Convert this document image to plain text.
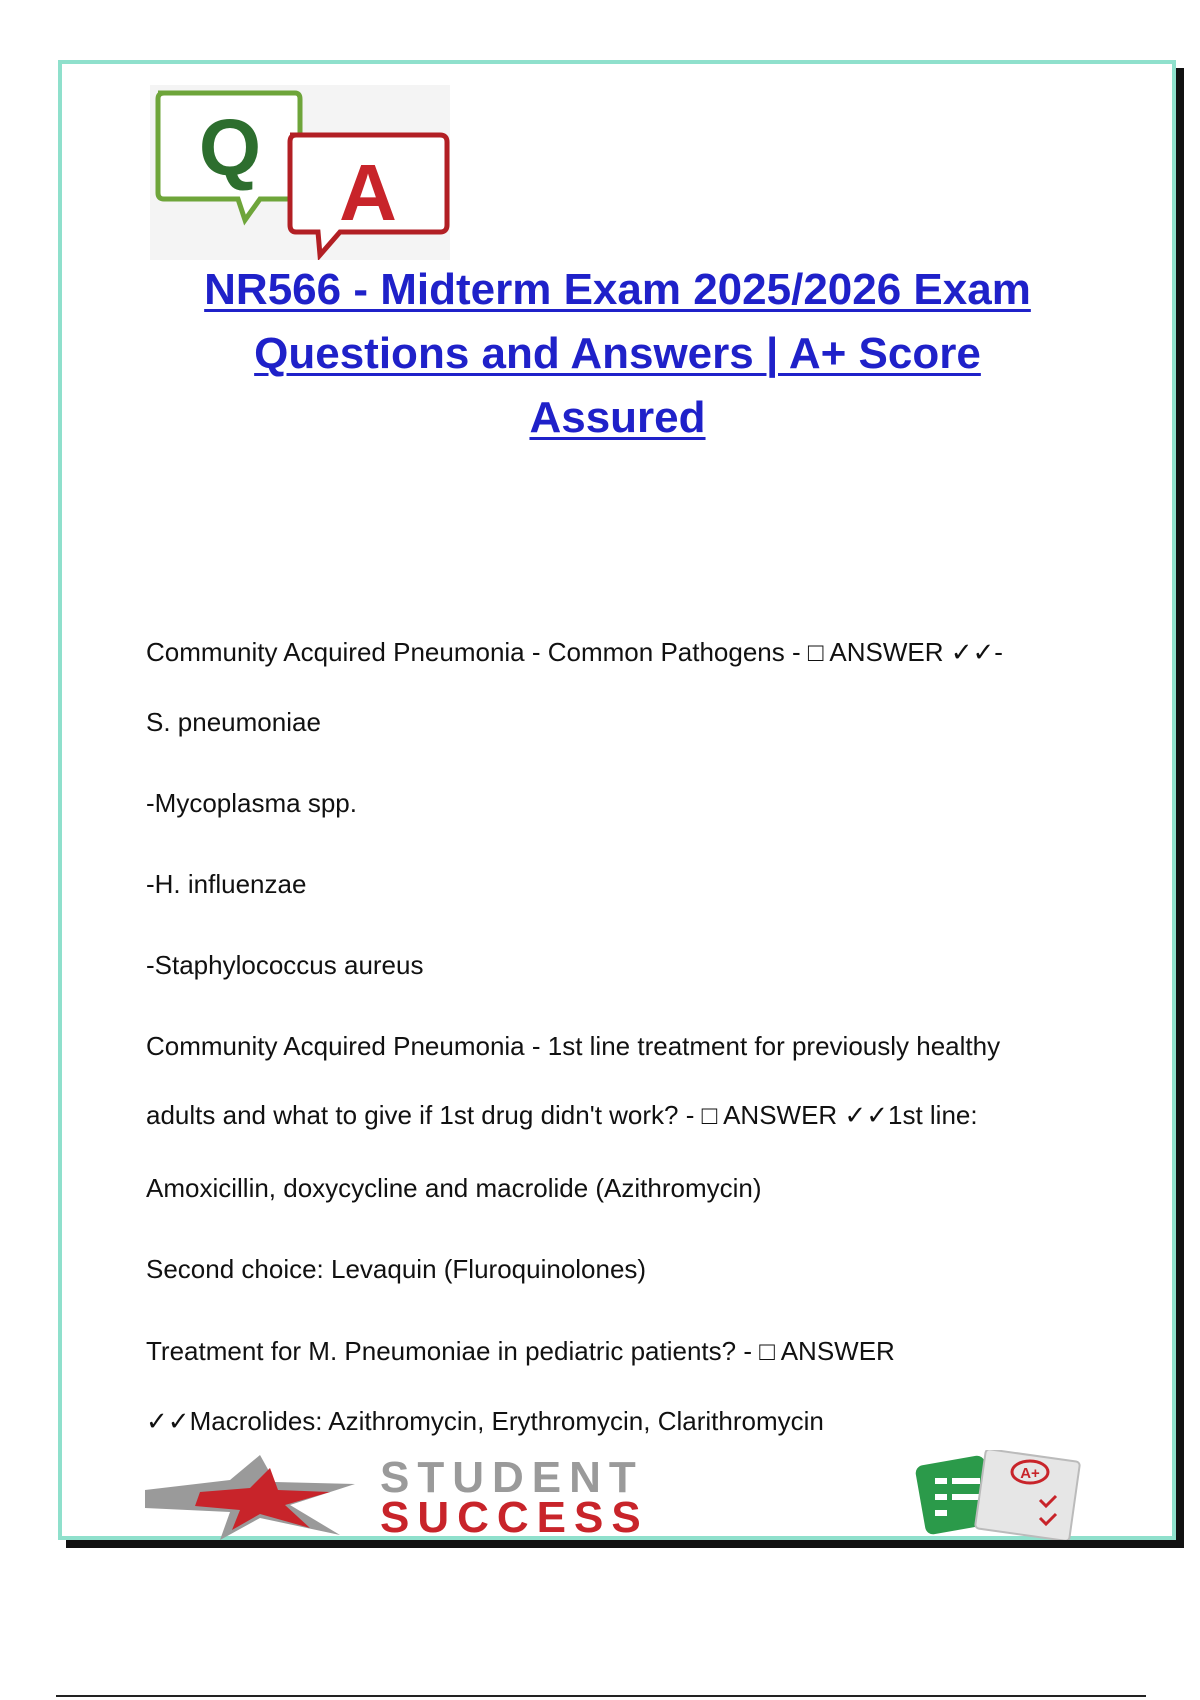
Q
A
NR566 - Midterm Exam 2025/2026 Exam
Questions and Answers | A+ Score
Assured
Community Acquired Pneumonia - Common Pathogens - □ ANSWER ✓✓-
S. pneumoniae
-Mycoplasma spp.
-H. influenzae
-Staphylococcus aureus
Community Acquired Pneumonia - 1st line treatment for previously healthy
adults and what to give if 1st drug didn't work? - □ ANSWER ✓✓1st line:
Amoxicillin, doxycycline and macrolide (Azithromycin)
Second choice: Levaquin (Fluroquinolones)
Treatment for M. Pneumoniae in pediatric patients? - □ ANSWER
✓✓Macrolides: Azithromycin, Erythromycin, Clarithromycin
STUDENT
SUCCESS
A+
